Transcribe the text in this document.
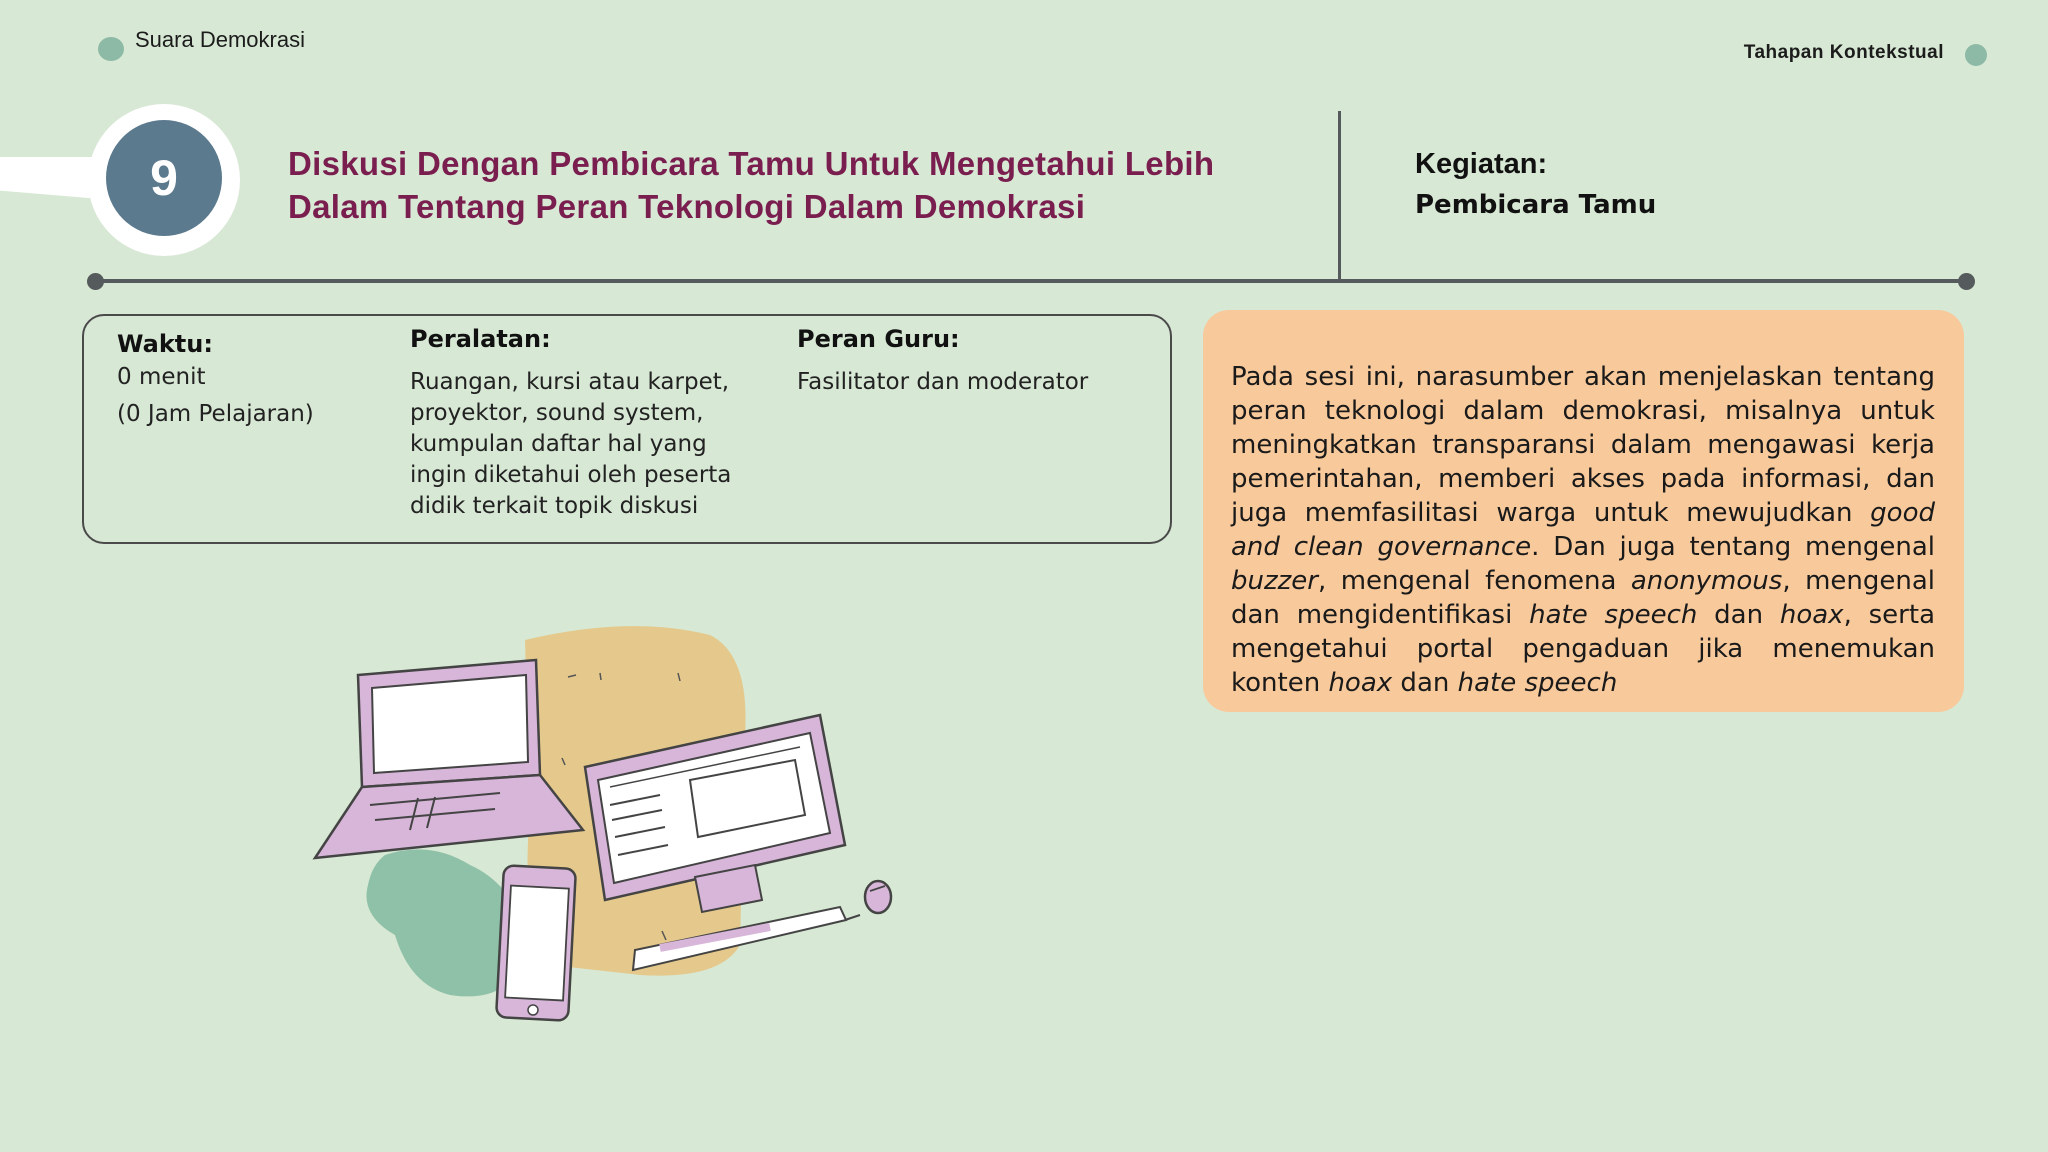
Suara Demokrasi
Tahapan Kontekstual
9	Diskusi Dengan Pembicara Tamu Untuk Mengetahui Lebih
Dalam Tentang Peran Teknologi Dalam Demokrasi
Kegiatan:
Pembicara Tamu
Waktu:
0 menit
(0 Jam Pelajaran)
Peralatan:
Ruangan, kursi atau karpet, proyektor, sound system, kumpulan daftar hal yang ingin diketahui oleh peserta didik terkait topik diskusi
Peran Guru:
Fasilitator dan moderator	Pada sesi ini, narasumber akan menjelaskan tentang peran teknologi dalam demokrasi, misalnya untuk meningkatkan transparansi dalam mengawasi kerja pemerintahan, memberi akses pada informasi, dan juga memfasilitasi warga untuk mewujudkan good and clean governance. Dan juga tentang mengenal buzzer, mengenal fenomena anonymous, mengenal dan mengidentifikasi hate speech dan hoax, serta mengetahui portal pengaduan jika menemukan konten hoax dan hate speech
